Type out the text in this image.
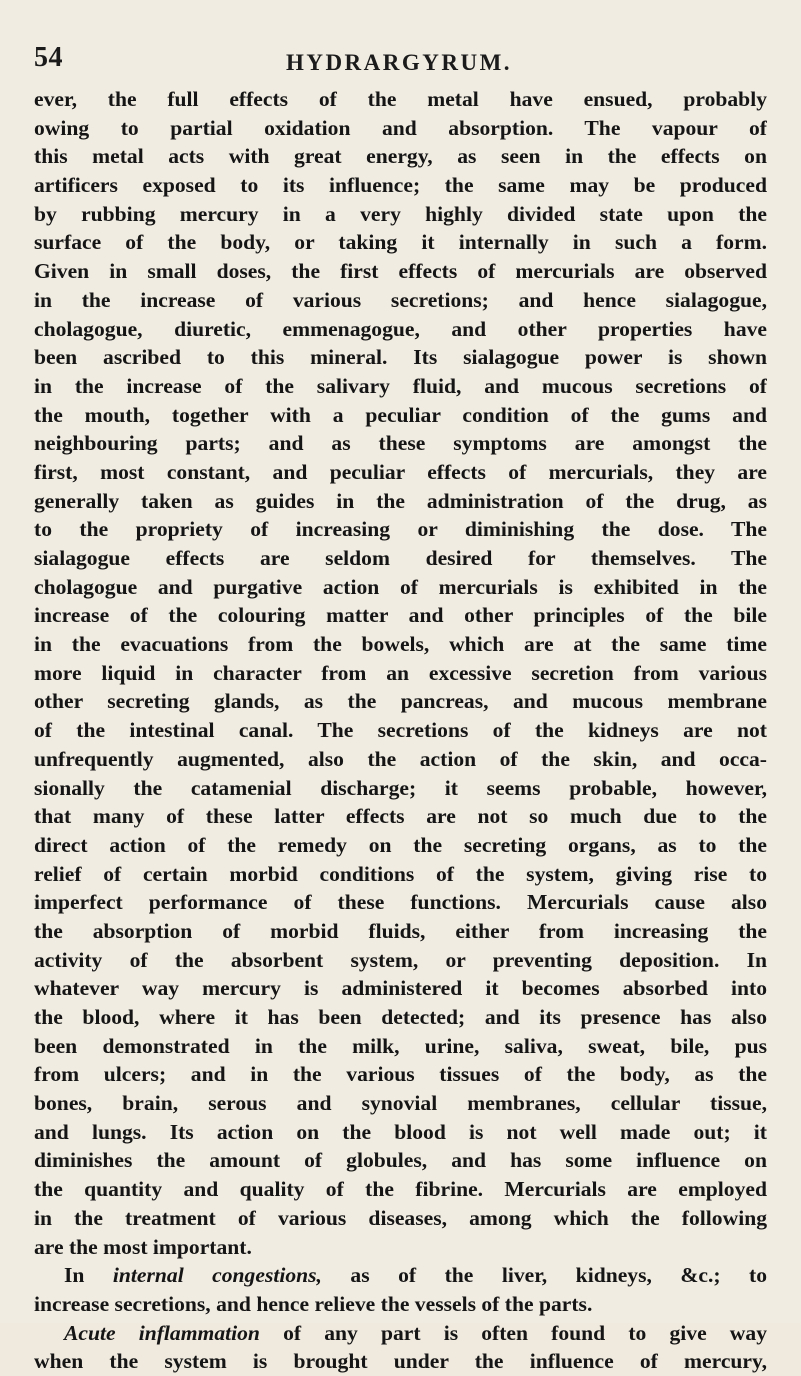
54	HYDRARGYRUM.
ever, the full effects of the metal have ensued, probably
owing to partial oxidation and absorption. The vapour of
this metal acts with great energy, as seen in the effects on
artificers exposed to its influence; the same may be produced
by rubbing mercury in a very highly divided state upon the
surface of the body, or taking it internally in such a form.
Given in small doses, the first effects of mercurials are observed
in the increase of various secretions; and hence sialagogue,
cholagogue, diuretic, emmenagogue, and other properties have
been ascribed to this mineral. Its sialagogue power is shown
in the increase of the salivary fluid, and mucous secretions of
the mouth, together with a peculiar condition of the gums and
neighbouring parts; and as these symptoms are amongst the
first, most constant, and peculiar effects of mercurials, they are
generally taken as guides in the administration of the drug, as
to the propriety of increasing or diminishing the dose. The
sialagogue effects are seldom desired for themselves. The
cholagogue and purgative action of mercurials is exhibited in the
increase of the colouring matter and other principles of the bile
in the evacuations from the bowels, which are at the same time
more liquid in character from an excessive secretion from various
other secreting glands, as the pancreas, and mucous membrane
of the intestinal canal. The secretions of the kidneys are not
unfrequently augmented, also the action of the skin, and occa-
sionally the catamenial discharge; it seems probable, however,
that many of these latter effects are not so much due to the
direct action of the remedy on the secreting organs, as to the
relief of certain morbid conditions of the system, giving rise to
imperfect performance of these functions. Mercurials cause also
the absorption of morbid fluids, either from increasing the
activity of the absorbent system, or preventing deposition. In
whatever way mercury is administered it becomes absorbed into
the blood, where it has been detected; and its presence has also
been demonstrated in the milk, urine, saliva, sweat, bile, pus
from ulcers; and in the various tissues of the body, as the
bones, brain, serous and synovial membranes, cellular tissue,
and lungs. Its action on the blood is not well made out; it
diminishes the amount of globules, and has some influence on
the quantity and quality of the fibrine. Mercurials are employed
in the treatment of various diseases, among which the following
are the most important.
In internal congestions, as of the liver, kidneys, &c.; to
increase secretions, and hence relieve the vessels of the parts.
Acute inflammation of any part is often found to give way
when the system is brought under the influence of mercury,
